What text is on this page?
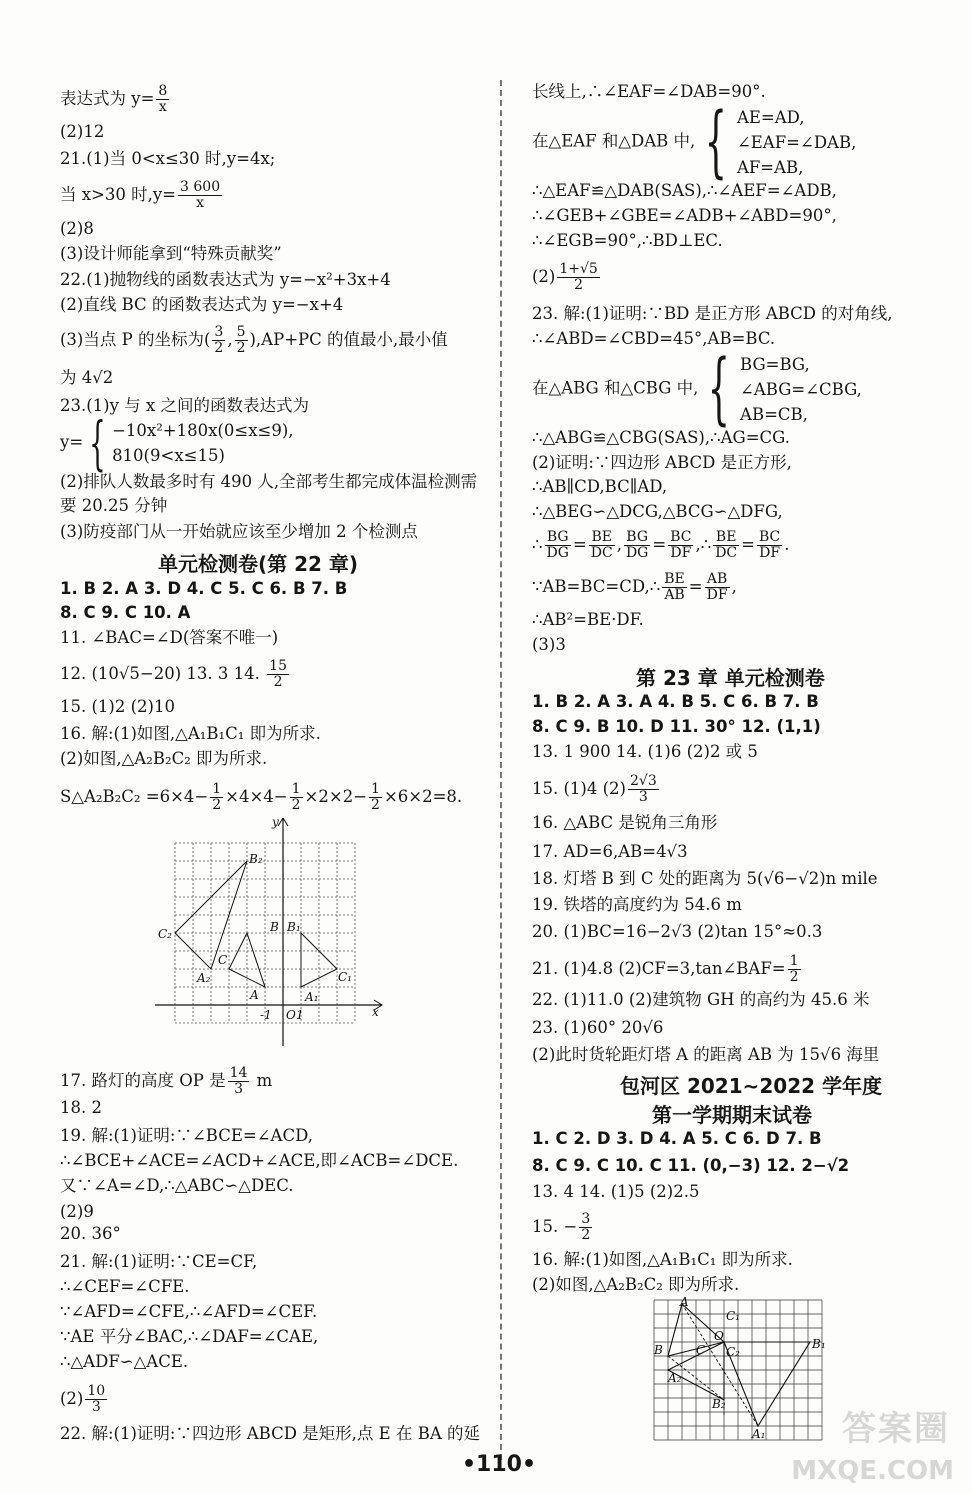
表达式为 $y= \frac{8}{x}$
(2)12
21.(1)当 0<x≤30 时,y=4x;
当 x>30 时$,y= \frac{3 600}{x}$
(2)8
(3)设计师能拿到“特殊贡献奖”
22.(1)抛物线的函数表达式为 y=−x²+3x+4
(2)直线 BC 的函数表达式为 y=−x+4
(3)当点 P 的坐标为( $\frac{3}{2}$ , $\frac{5}{2} ),AP+PC$ 的值最小,最小值
为 4√2
23.(1)y 与 x 之间的函数表达式为
y= { −10x²+180x(0≤x≤9),
810(9<x≤15)
(2)排队人数最多时有 490 人,全部考生都完成体温检测需
要 20.25 分钟
(3)防疫部门从一开始就应该至少增加 2 个检测点
单元检测卷(第 22 章)
1. B 2. A 3. D 4. C 5. C 6. B 7. B
8. C 9. C 10. A
11. ∠BAC=∠D(答案不唯一)
12. (10√5−20) 13. 3 14. $\frac{15}{2}$
15. (1)2 (2)10
16. 解:(1)如图,△A₁B₁C₁ 即为所求.
(2)如图,△A₂B₂C₂ 即为所求.
S△A₂B₂C₂ $=6\times 4- \frac{1}{2} \times 4\times 4- \frac{1}{2} \times 2\times 2- \frac{1}{2} \times 6\times 2=8$.
y
x
O
-1 1
B₂
C₂
A₂
C
B
A
B₁
C₁
A₁
17. 路灯的高度 OP 是 $\frac{14}{3}$ m
18. 2
19. 解:(1)证明:∵∠BCE=∠ACD,
∴∠BCE+∠ACE=∠ACD+∠ACE,即∠ACB=∠DCE.
又∵∠A=∠D,∴△ABC∽△DEC.
(2)9
20. 36°
21. 解:(1)证明:∵CE=CF,
∴∠CEF=∠CFE.
∵∠AFD=∠CFE,∴∠AFD=∠CEF.
∵AE 平分∠BAC,∴∠DAF=∠CAE,
∴△ADF∽△ACE.
$(2) \frac{10}{3}$
22. 解:(1)证明:∵四边形 ABCD 是矩形,点 E 在 BA 的延
长线上,∴∠EAF=∠DAB=90°.
在△EAF 和△DAB 中, { AE=AD,
∠EAF=∠DAB,
AF=AB,
∴△EAF≌△DAB(SAS),∴∠AEF=∠ADB,
∴∠GEB+∠GBE=∠ADB+∠ABD=90°,
∴∠EGB=90°,∴BD⊥EC.
$(2) \frac{1+√5}{2}$
23. 解:(1)证明:∵BD 是正方形 ABCD 的对角线,
∴∠ABD=∠CBD=45°,AB=BC.
在△ABG 和△CBG 中, { BG=BG,
∠ABG=∠CBG,
AB=CB,
∴△ABG≌△CBG(SAS),∴AG=CG.
(2)证明:∵四边形 ABCD 是正方形,
∴AB∥CD,BC∥AD,
∴△BEG∽△DCG,△BCG∽△DFG,
∴ $\frac{BG}{DG} = \frac{BE}{DC}$ , $\frac{BG}{DG} = \frac{BC}{DF}$ ,∴ $\frac{BE}{DC} = \frac{BC}{DF}$ .
∵AB=BC=CD,∴ $\frac{BE}{AB} = \frac{AB}{DF}$ ,
∴AB²=BE·DF.
(3)3
第 23 章 单元检测卷
1. B 2. A 3. A 4. B 5. C 6. B 7. B
8. C 9. B 10. D 11. 30° 12. (1,1)
13. 1 900 14. (1)6 (2)2 或 5
15. (1)4 $(2) \frac{2√3}{3}$
16. △ABC 是锐角三角形
17. AD=6,AB=4√3
18. 灯塔 B 到 C 处的距离为 5(√6−√2)n mile
19. 铁塔的高度约为 54.6 m
20. (1)BC=16−2√3 (2)tan 15°≈0.3
21. (1)4.8 (2)CF=3,tan∠BAF= $\frac{1}{2}$
22. (1)11.0 (2)建筑物 GH 的高约为 45.6 米
23. (1)60° 20√6
(2)此时货轮距灯塔 A 的距离 AB 为 15√6 海里
包河区 2021∼2022 学年度
第一学期期末试卷
1. C 2. D 3. D 4. A 5. C 6. D 7. B
8. C 9. C 10. C 11. (0,−3) 12. 2−√2
13. 4 14. (1)5 (2)2.5
15. − $\frac{3}{2}$
16. 解:(1)如图,△A₁B₁C₁ 即为所求.
(2)如图,△A₂B₂C₂ 即为所求.
A
C₁
O
B	C C₂
A₂
B₂
A₁
B₁
•110•
答案圈
MXQE.COM
